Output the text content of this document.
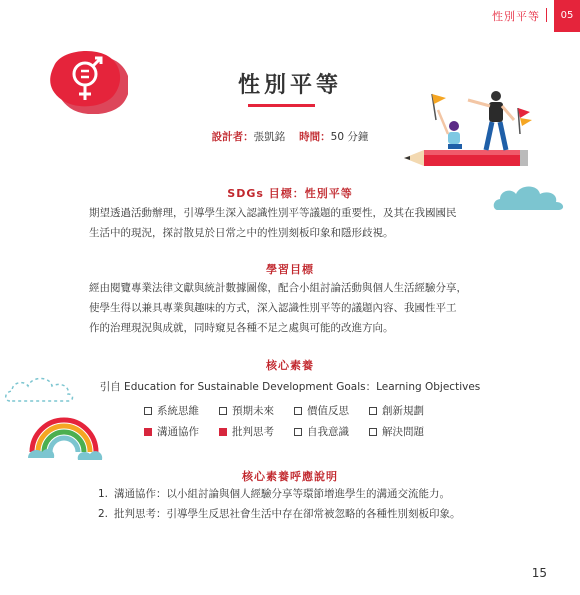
性別平等	05
性別平等
設計者：張凱銘 時間：50 分鐘
SDGs 目標：性別平等
期望透過活動辦理，引導學生深入認識性別平等議題的重要性，及其在我國國民
生活中的現況，探討散見於日常之中的性別刻板印象和隱形歧視。
學習目標
經由閱覽專業法律文獻與統計數據圖像，配合小組討論活動與個人生活經驗分享，
使學生得以兼具專業與趣味的方式，深入認識性別平等的議題內容、我國性平工
作的治理現況與成就，同時窺見各種不足之處與可能的改進方向。
核心素養
引自 Education for Sustainable Development Goals：Learning Objectives
系統思維	預期未來	價值反思	創新規劃
溝通協作	批判思考	自我意識	解決問題
核心素養呼應說明
1. 溝通協作：以小組討論與個人經驗分享等環節增進學生的溝通交流能力。
2. 批判思考：引導學生反思社會生活中存在卻常被忽略的各種性別刻板印象。
15
